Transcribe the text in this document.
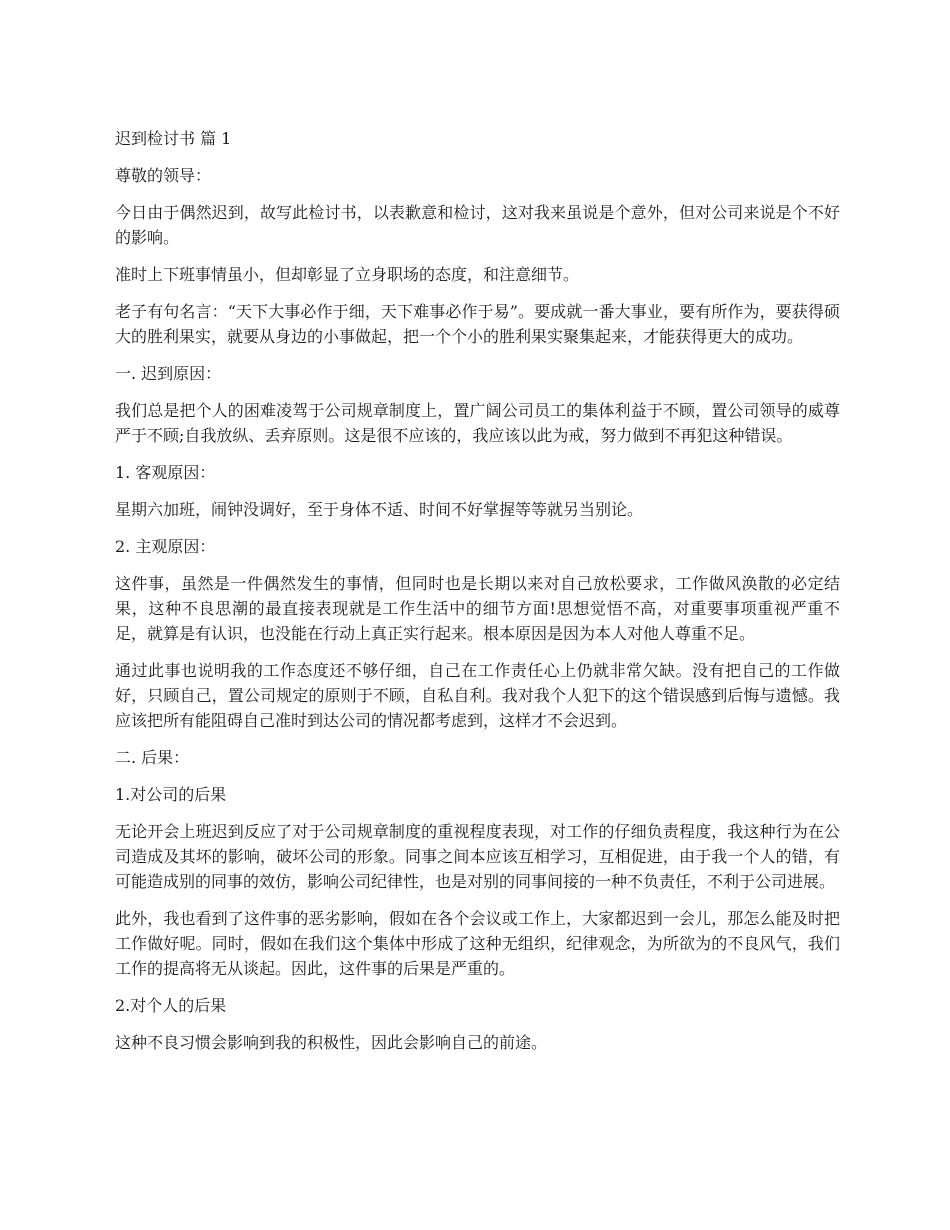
迟到检讨书 篇 1

尊敬的领导：

今日由于偶然迟到，故写此检讨书，以表歉意和检讨，这对我来虽说是个意外，但对公司来说是个不好的影响。

准时上下班事情虽小，但却彰显了立身职场的态度，和注意细节。

老子有句名言：“天下大事必作于细，天下难事必作于易”。要成就一番大事业，要有所作为，要获得硕大的胜利果实，就要从身边的小事做起，把一个个小的胜利果实聚集起来，才能获得更大的成功。

一. 迟到原因：

我们总是把个人的困难凌驾于公司规章制度上，置广阔公司员工的集体利益于不顾，置公司领导的威尊严于不顾;自我放纵、丢弃原则。这是很不应该的，我应该以此为戒，努力做到不再犯这种错误。

1. 客观原因：

星期六加班，闹钟没调好，至于身体不适、时间不好掌握等等就另当别论。

2. 主观原因：

这件事，虽然是一件偶然发生的事情，但同时也是长期以来对自己放松要求，工作做风涣散的必定结果，这种不良思潮的最直接表现就是工作生活中的细节方面!思想觉悟不高，对重要事项重视严重不足，就算是有认识，也没能在行动上真正实行起来。根本原因是因为本人对他人尊重不足。

通过此事也说明我的工作态度还不够仔细，自己在工作责任心上仍就非常欠缺。没有把自己的工作做好，只顾自己，置公司规定的原则于不顾，自私自利。我对我个人犯下的这个错误感到后悔与遗憾。我应该把所有能阻碍自己准时到达公司的情况都考虑到，这样才不会迟到。

二. 后果：

1.对公司的后果

无论开会上班迟到反应了对于公司规章制度的重视程度表现，对工作的仔细负责程度，我这种行为在公司造成及其坏的影响，破坏公司的形象。同事之间本应该互相学习，互相促进，由于我一个人的错，有可能造成别的同事的效仿，影响公司纪律性，也是对别的同事间接的一种不负责任，不利于公司进展。

此外，我也看到了这件事的恶劣影响，假如在各个会议或工作上，大家都迟到一会儿，那怎么能及时把工作做好呢。同时，假如在我们这个集体中形成了这种无组织，纪律观念，为所欲为的不良风气，我们工作的提高将无从谈起。因此，这件事的后果是严重的。

2.对个人的后果

这种不良习惯会影响到我的积极性，因此会影响自己的前途。
